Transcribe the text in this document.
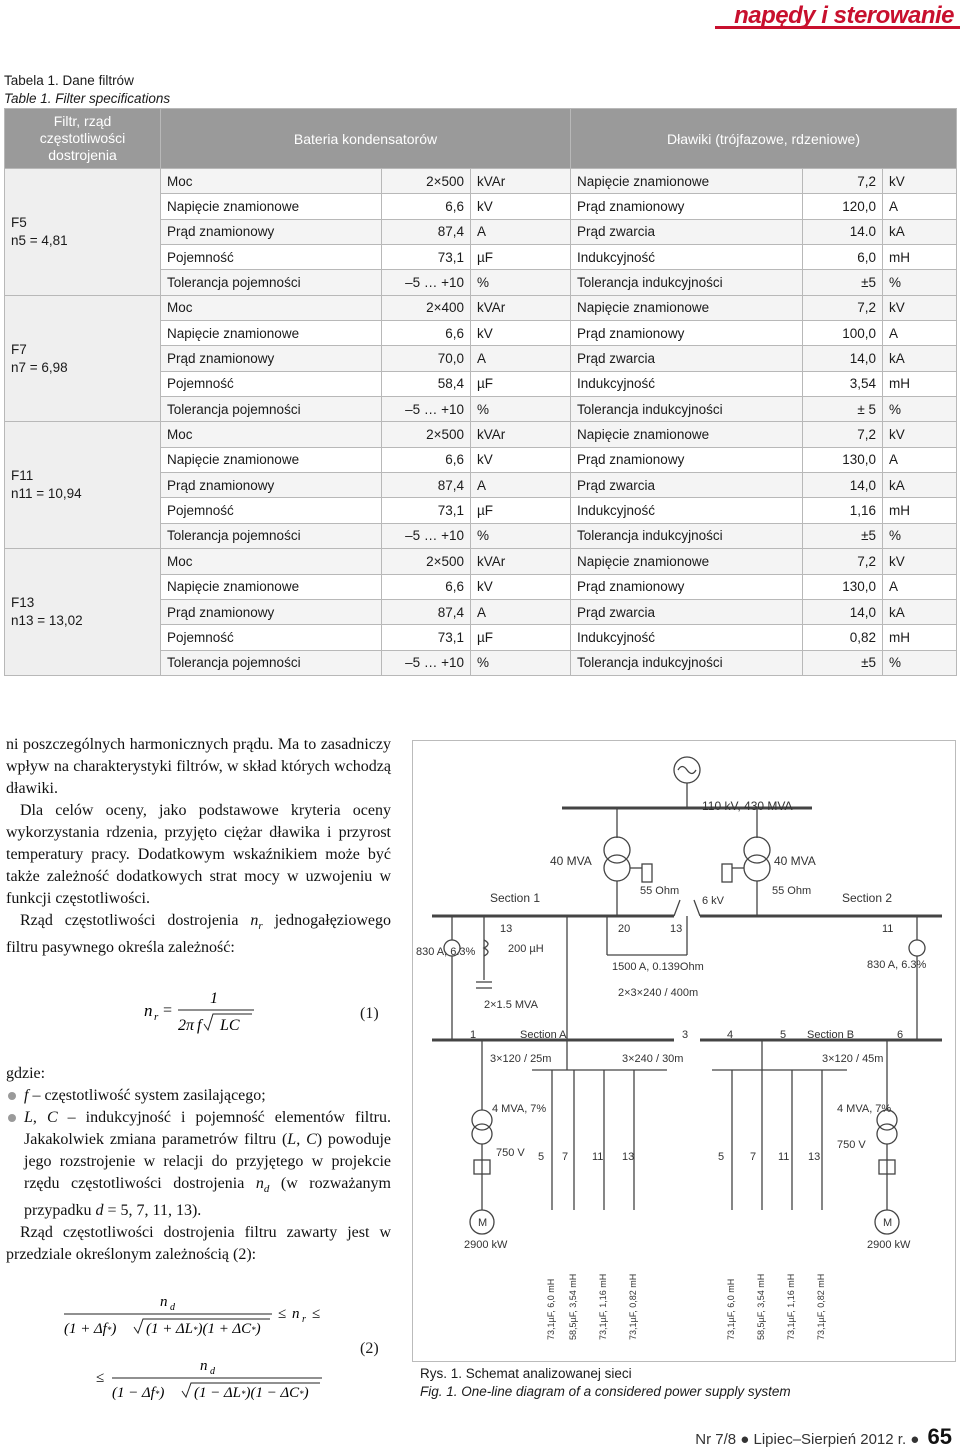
napędy i sterowanie
Tabela 1. Dane filtrów
Table 1. Filter specifications
Filtr, rząd częstotliwości dostrojenia	Bateria kondensatorów			Dławiki (trójfazowe, rdzeniowe)		

F5
n5 = 4,81	Moc	2×500	kVAr	Napięcie znamionowe	7,2	kV
	Napięcie znamionowe	6,6	kV	Prąd znamionowy	120,0	A
	Prąd znamionowy	87,4	A	Prąd zwarcia	14.0	kA
	Pojemność	73,1	µF	Indukcyjność	6,0	mH
	Tolerancja pojemności	–5 … +10	%	Tolerancja indukcyjności	±5	%

F7
n7 = 6,98	Moc	2×400	kVAr	Napięcie znamionowe	7,2	kV
	Napięcie znamionowe	6,6	kV	Prąd znamionowy	100,0	A
	Prąd znamionowy	70,0	A	Prąd zwarcia	14,0	kA
	Pojemność	58,4	µF	Indukcyjność	3,54	mH
	Tolerancja pojemności	–5 … +10	%	Tolerancja indukcyjności	± 5	%

F11
n11 = 10,94	Moc	2×500	kVAr	Napięcie znamionowe	7,2	kV
	Napięcie znamionowe	6,6	kV	Prąd znamionowy	130,0	A
	Prąd znamionowy	87,4	A	Prąd zwarcia	14,0	kA
	Pojemność	73,1	µF	Indukcyjność	1,16	mH
	Tolerancja pojemności	–5 … +10	%	Tolerancja indukcyjności	±5	%

F13
n13 = 13,02	Moc	2×500	kVAr	Napięcie znamionowe	7,2	kV
	Napięcie znamionowe	6,6	kV	Prąd znamionowy	130,0	A
	Prąd znamionowy	87,4	A	Prąd zwarcia	14,0	kA
	Pojemność	73,1	µF	Indukcyjność	0,82	mH
	Tolerancja pojemności	–5 … +10	%	Tolerancja indukcyjności	±5	%

ni poszczególnych harmonicznych prądu. Ma to zasadniczy wpływ na charakterystyki filtrów, w skład których wchodzą dławiki.

Dla celów oceny, jako podstawowe kryteria oceny wykorzystania rdzenia, przyjęto ciężar dławika i przyrost temperatury pracy. Dodatkowym wskaźnikiem może być także zależność dodatkowych strat mocy w uzwojeniu w funkcji częstotliwości.

Rząd częstotliwości dostrojenia $n_r$ jednogałęziowego filtru pasywnego określa zależność:

n r =
1
2π f LC
(1)

gdzie:

f – częstotliwość system zasilającego;

L, C – indukcyjność i pojemność elementów filtru. Jakakolwiek zmiana parametrów filtru (L, C) powoduje jego rozstrojenie w relacji do przyjętego w projekcie rzędu częstotliwości dostrojenia $n_d$ (w rozważanym przypadku d = 5, 7, 11, 13).

Rząd częstotliwości dostrojenia filtru zawarty jest w przedziale określonym zależnością (2):

n d
(1 + Δf*) (1 + ΔL*)(1 + ΔC*)
≤ n r ≤
≤
n d
(1 − Δf*) (1 − ΔL*)(1 − ΔC*)
(2)
110 kV, 430 MVA
40 MVA	40 MVA
55 Ohm	55 Ohm
6 kV
Section 1	Section 2
13	13
20	11
830 A, 6.3%
830 A, 6.3%
200 µH
1500 A, 0.139Ohm
2×1.5 MVA
2×3×240 / 400m
Section A	Section B
1	3	4	5	6
3×120 / 25m	3×240 / 30m	3×120 / 45m
4 MVA, 7%	4 MVA, 7%
750 V
750 V
5 7 11 13	5 7 11 13
M	M
2900 kW	2900 kW
73,1µF, 6,0 mH 58,5µF, 3,54 mH 73,1µF, 1,16 mH 73,1µF, 0,82 mH	73,1µF, 6,0 mH 58,5µF, 3,54 mH 73,1µF, 1,16 mH 73,1µF, 0,82 mH
Rys. 1. Schemat analizowanej sieci
Fig. 1. One-line diagram of a considered power supply system
Nr 7/8 ● Lipiec–Sierpień 2012 r. ● 65
